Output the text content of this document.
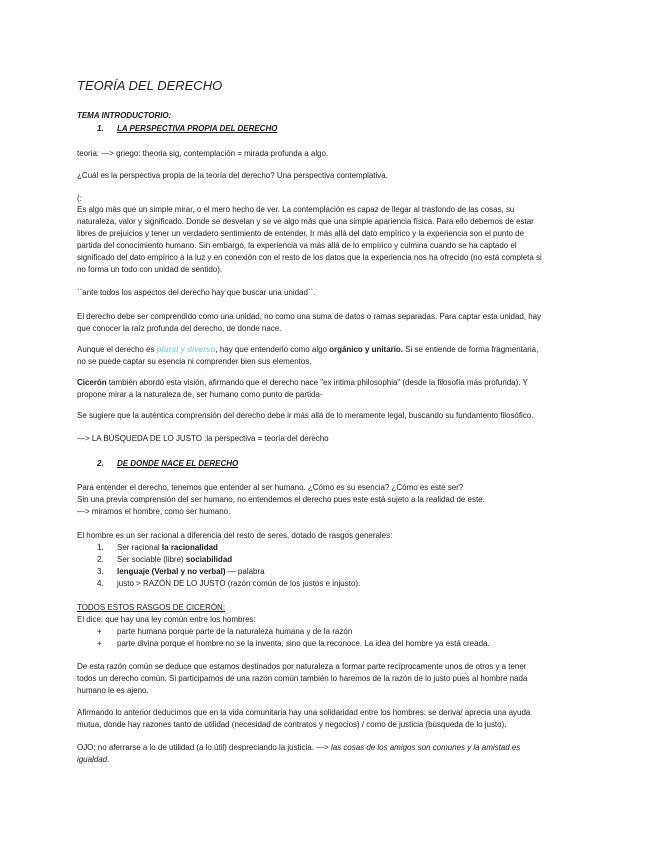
TEORÍA DEL DERECHO
TEMA INTRODUCTORIO:
1. LA PERSPECTIVA PROPIA DEL DERECHO
teoria: —> griego: theoria sig, contemplación = mirada profunda a algo.
¿Cuál es la perspectiva propia de la teoría del derecho? Una perspectiva contemplativa.
(:
Es algo más que un simple mirar, o el mero hecho de ver. La contemplación es capaz de llegar al trasfondo de las cosas, su
naturaleza, valor y significado. Donde se desvelan y se ve algo más que una simple apariencia física. Para ello debemos de estar
libres de prejuicios y tener un verdadero sentimiento de entender. Ir más allá del dato empírico y la experiencia son el punto de
partida del conocimiento humano. Sin embargo, la experiencia va más allá de lo empírico y culmina cuando se ha captado el
significado del dato empírico a la luz y en conexión con el resto de los datos que la experiencia nos ha ofrecido (no está completa si
no forma un todo con unidad de sentido).
``ante todos los aspectos del derecho hay que buscar una unidad``.
El derecho debe ser comprendido como una unidad, no como una suma de datos o ramas separadas. Para captar esta unidad, hay
que conocer la raíz profunda del derecho, de donde nace.
Aunque el derecho es plural y diverso, hay que entenderlo como algo orgánico y unitario. Si se entiende de forma fragmentaria,
no se puede captar su esencia ni comprender bien sus elementos.
Cicerón también abordó esta visión, afirmando que el derecho nace "ex intima philosophia" (desde la filosofía más profunda). Y
propone mirar a la naturaleza de, ser humano como punto de partida-
Se sugiere que la auténtica comprensión del derecho debe ir más allá de lo meramente legal, buscando su fundamento filosófico.
—> LA BÚSQUEDA DE LO JUSTO :la perspectiva = teoría del derecho
2. DE DONDE NACE EL DERECHO
Para entender el derecho, tenemos que entender al ser humano. ¿Cómo es su esencia? ¿Cómo es este ser?
Sin una previa comprensión del ser humano, no entendemos el derecho pues este está sujeto a la realidad de este.
—> miramos el hombre, como ser humano.
El hombre es un ser racional a diferencia del resto de seres, dotado de rasgos generales:
1. Ser racional la racionalidad
2. Ser sociable (libre) sociabilidad
3. lenguaje (Verbal y no verbal) — palabra
4. justo > RAZÓN DE LO JUSTO (razón común de los justos e injusto).
TODOS ESTOS RASGOS DE CICERÓN:
El dice: que hay una ley común entre los hombres:
+ parte humana porque parte de la naturaleza humana y de la razón
+ parte divina porque el hombre no se la inventa, sino que la reconoce. La idea del hombre ya está creada.
De esta razón común se deduce que estamos destinados por naturaleza a formar parte recíprocamente unos de otros y a tener
todos un derecho común. Si participamos de una razón común también lo haremos de la razón de lo justo pues al hombre nada
humano le es ajeno.
Afirmando lo anterior deducimos que en la vida comunitaria hay una solidaridad entre los hombres: se deriva/ aprecia una ayuda
mutua, donde hay razones tanto de utilidad (necesidad de contratos y negocios) / como de justicia (búsqueda de lo justo).
OJO: no aferrarse a lo de utilidad (a lo útil) despreciando la justicia. —> las cosas de los amigos son comunes y la amistad es
igualdad.
